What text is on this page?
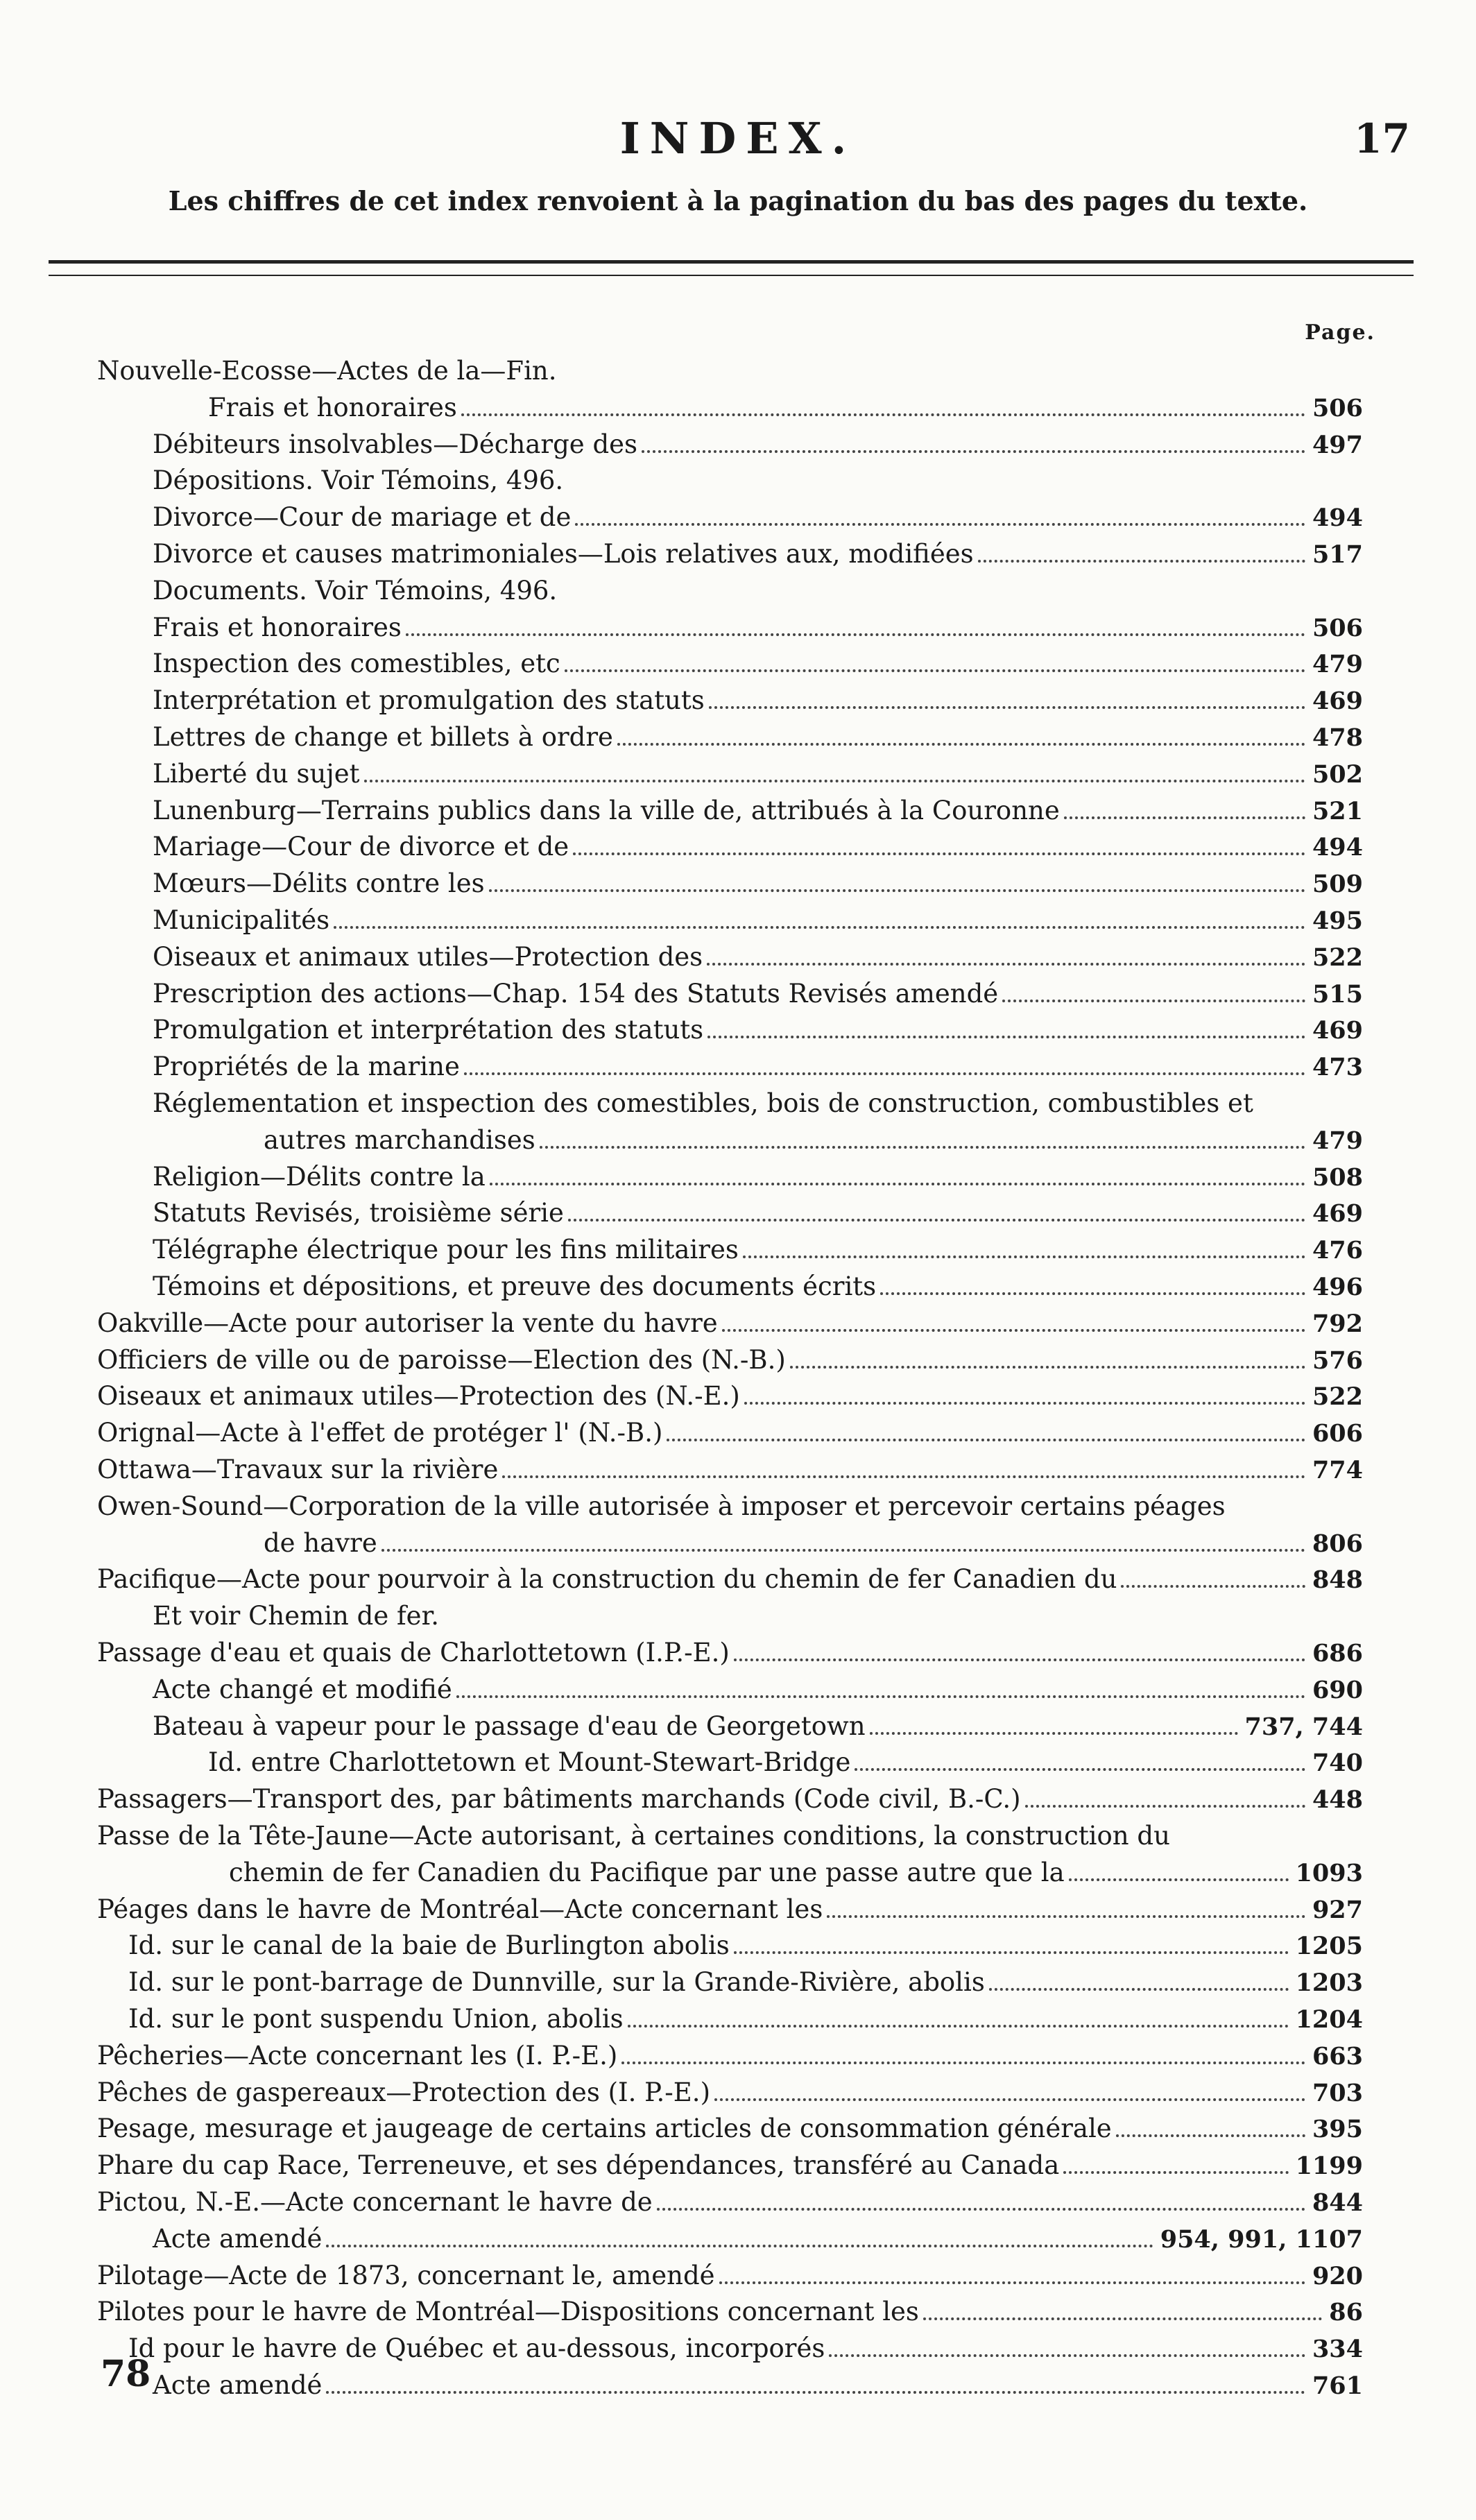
INDEX.	17
Les chiffres de cet index renvoient à la pagination du bas des pages du texte.
Page.
Nouvelle-Ecosse—Actes de la—Fin.
Frais et honoraires	506
Débiteurs insolvables—Décharge des	497
Dépositions. Voir Témoins, 496.
Divorce—Cour de mariage et de	494
Divorce et causes matrimoniales—Lois relatives aux, modifiées	517
Documents. Voir Témoins, 496.
Frais et honoraires	506
Inspection des comestibles, etc	479
Interprétation et promulgation des statuts	469
Lettres de change et billets à ordre	478
Liberté du sujet	502
Lunenburg—Terrains publics dans la ville de, attribués à la Couronne	521
Mariage—Cour de divorce et de	494
Mœurs—Délits contre les	509
Municipalités	495
Oiseaux et animaux utiles—Protection des	522
Prescription des actions—Chap. 154 des Statuts Revisés amendé	515
Promulgation et interprétation des statuts	469
Propriétés de la marine	473
Réglementation et inspection des comestibles, bois de construction, combustibles et
autres marchandises	479
Religion—Délits contre la	508
Statuts Revisés, troisième série	469
Télégraphe électrique pour les fins militaires	476
Témoins et dépositions, et preuve des documents écrits	496
Oakville—Acte pour autoriser la vente du havre	792
Officiers de ville ou de paroisse—Election des (N.-B.)	576
Oiseaux et animaux utiles—Protection des (N.-E.)	522
Orignal—Acte à l'effet de protéger l' (N.-B.)	606
Ottawa—Travaux sur la rivière	774
Owen-Sound—Corporation de la ville autorisée à imposer et percevoir certains péages
de havre	806
Pacifique—Acte pour pourvoir à la construction du chemin de fer Canadien du	848
Et voir Chemin de fer.
Passage d'eau et quais de Charlottetown (I.P.-E.)	686
Acte changé et modifié	690
Bateau à vapeur pour le passage d'eau de Georgetown	737, 744
Id. entre Charlottetown et Mount-Stewart-Bridge	740
Passagers—Transport des, par bâtiments marchands (Code civil, B.-C.)	448
Passe de la Tête-Jaune—Acte autorisant, à certaines conditions, la construction du
chemin de fer Canadien du Pacifique par une passe autre que la	1093
Péages dans le havre de Montréal—Acte concernant les	927
Id. sur le canal de la baie de Burlington abolis	1205
Id. sur le pont-barrage de Dunnville, sur la Grande-Rivière, abolis	1203
Id. sur le pont suspendu Union, abolis	1204
Pêcheries—Acte concernant les (I. P.-E.)	663
Pêches de gaspereaux—Protection des (I. P.-E.)	703
Pesage, mesurage et jaugeage de certains articles de consommation générale	395
Phare du cap Race, Terreneuve, et ses dépendances, transféré au Canada	1199
Pictou, N.-E.—Acte concernant le havre de	844
Acte amendé	954, 991, 1107
Pilotage—Acte de 1873, concernant le, amendé	920
Pilotes pour le havre de Montréal—Dispositions concernant les	86
Id pour le havre de Québec et au-dessous, incorporés	334
Acte amendé	761
78
